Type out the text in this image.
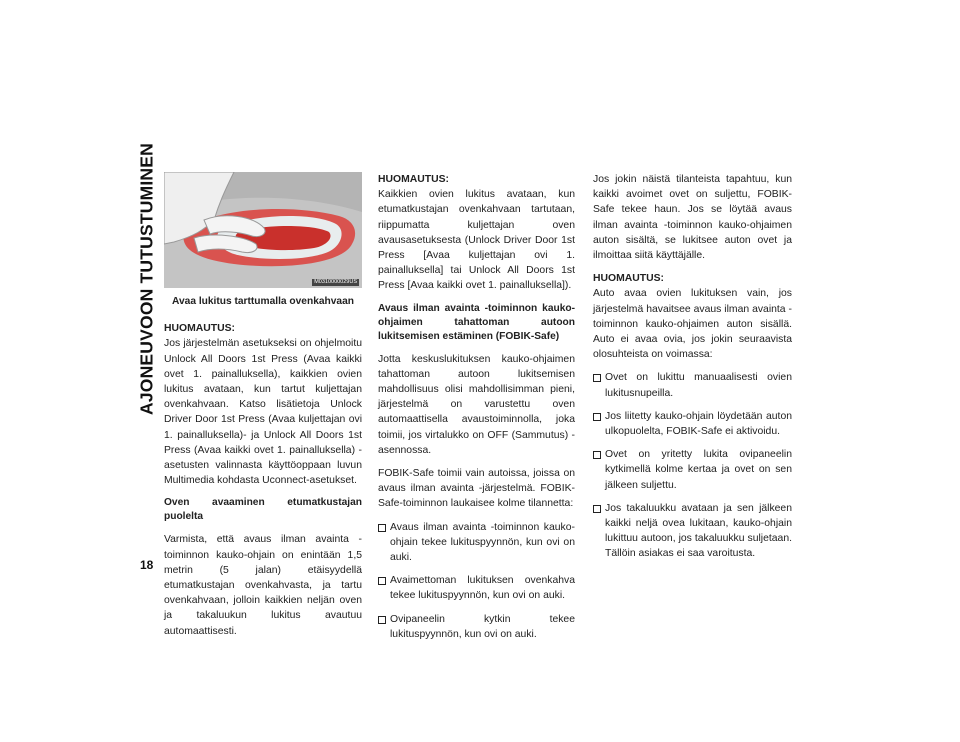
AJONEUVOON TUTUSTUMINEN
18
M0310000029US
Avaa lukitus tarttumalla ovenkahvaan
HUOMAUTUS:

Jos järjestelmän asetukseksi on ohjelmoitu Unlock All Doors 1st Press (Avaa kaikki ovet 1. painalluksella), kaikkien ovien lukitus avataan, kun tartut kuljettajan ovenkahvaan. Katso lisätietoja Unlock Driver Door 1st Press (Avaa kuljettajan ovi 1. painalluksella)- ja Unlock All Doors 1st Press (Avaa kaikki ovet 1. painalluksella) -asetusten valinnasta käyttöoppaan luvun Multimedia kohdasta Uconnect-asetukset.

Oven avaaminen etumatkustajan puolelta

Varmista, että avaus ilman avainta -toiminnon kauko-ohjain on enintään 1,5 metrin (5 jalan) etäisyydellä etumatkustajan ovenkahvasta, ja tartu ovenkahvaan, jolloin kaikkien neljän oven ja takaluukun lukitus avautuu automaattisesti.

HUOMAUTUS:

Kaikkien ovien lukitus avataan, kun etumatkustajan ovenkahvaan tartutaan, riippumatta kuljettajan oven avausasetuksesta (Unlock Driver Door 1st Press [Avaa kuljettajan ovi 1. painalluksella] tai Unlock All Doors 1st Press [Avaa kaikki ovet 1. painalluksella]).

Avaus ilman avainta -toiminnon kauko-ohjaimen tahattoman autoon lukitsemisen estäminen (FOBIK-Safe)

Jotta keskuslukituksen kauko-ohjaimen tahattoman autoon lukitsemisen mahdollisuus olisi mahdollisimman pieni, järjestelmä on varustettu oven automaattisella avaustoiminnolla, joka toimii, jos virtalukko on OFF (Sammutus) -asennossa.

FOBIK-Safe toimii vain autoissa, joissa on avaus ilman avainta -järjestelmä. FOBIK-Safe-toiminnon laukaisee kolme tilannetta:

Avaus ilman avainta -toiminnon kauko-ohjain tekee lukituspyynnön, kun ovi on auki.
Avaimettoman lukituksen ovenkahva tekee lukituspyynnön, kun ovi on auki.
Ovipaneelin kytkin tekee lukituspyynnön, kun ovi on auki.

Jos jokin näistä tilanteista tapahtuu, kun kaikki avoimet ovet on suljettu, FOBIK-Safe tekee haun. Jos se löytää avaus ilman avainta -toiminnon kauko-ohjaimen auton sisältä, se lukitsee auton ovet ja ilmoittaa siitä käyttäjälle.

HUOMAUTUS:

Auto avaa ovien lukituksen vain, jos järjestelmä havaitsee avaus ilman avainta -toiminnon kauko-ohjaimen auton sisällä. Auto ei avaa ovia, jos jokin seuraavista olosuhteista on voimassa:

Ovet on lukittu manuaalisesti ovien lukitusnupeilla.
Jos liitetty kauko-ohjain löydetään auton ulkopuolelta, FOBIK-Safe ei aktivoidu.
Ovet on yritetty lukita ovipaneelin kytkimellä kolme kertaa ja ovet on sen jälkeen suljettu.
Jos takaluukku avataan ja sen jälkeen kaikki neljä ovea lukitaan, kauko-ohjain lukittuu autoon, jos takaluukku suljetaan. Tällöin asiakas ei saa varoitusta.
